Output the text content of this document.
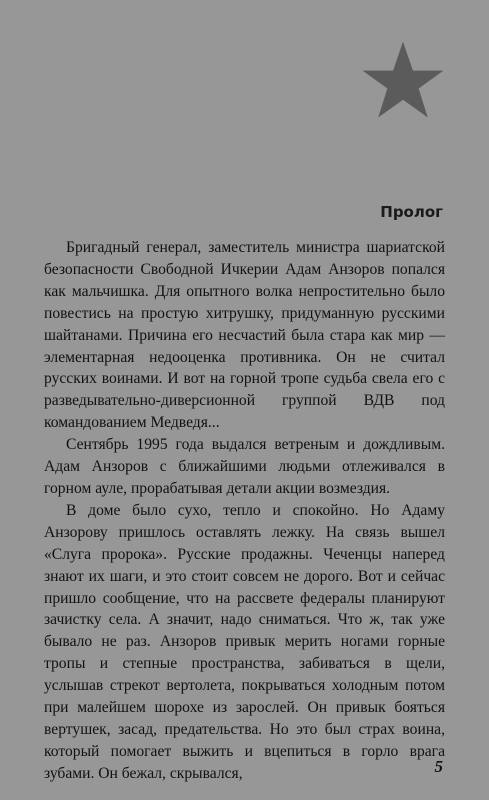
Пролог

Бригадный генерал, заместитель министра шариатской безопасности Свободной Ичкерии Адам Анзоров попался как мальчишка. Для опытного волка непростительно было повестись на простую хитрушку, придуманную русскими шайтанами. Причина его несчастий была стара как мир — элементарная недооценка противника. Он не считал русских воинами. И вот на горной тропе судьба свела его с разведывательно-диверсионной группой ВДВ под командованием Медведя...

Сентябрь 1995 года выдался ветреным и дождливым. Адам Анзоров с ближайшими людьми отлеживался в горном ауле, прорабатывая детали акции возмездия.

В доме было сухо, тепло и спокойно. Но Адаму Анзорову пришлось оставлять лежку. На связь вышел «Слуга пророка». Русские продажны. Чеченцы наперед знают их шаги, и это стоит совсем не дорого. Вот и сейчас пришло сообщение, что на рассвете федералы планируют зачистку села. А значит, надо сниматься. Что ж, так уже бывало не раз. Анзоров привык мерить ногами горные тропы и степные пространства, забиваться в щели, услышав стрекот вертолета, покрываться холодным потом при малейшем шорохе из зарослей. Он привык бояться вертушек, засад, предательства. Но это был страх воина, который помогает выжить и вцепиться в горло врага зубами. Он бежал, скрывался,	5
